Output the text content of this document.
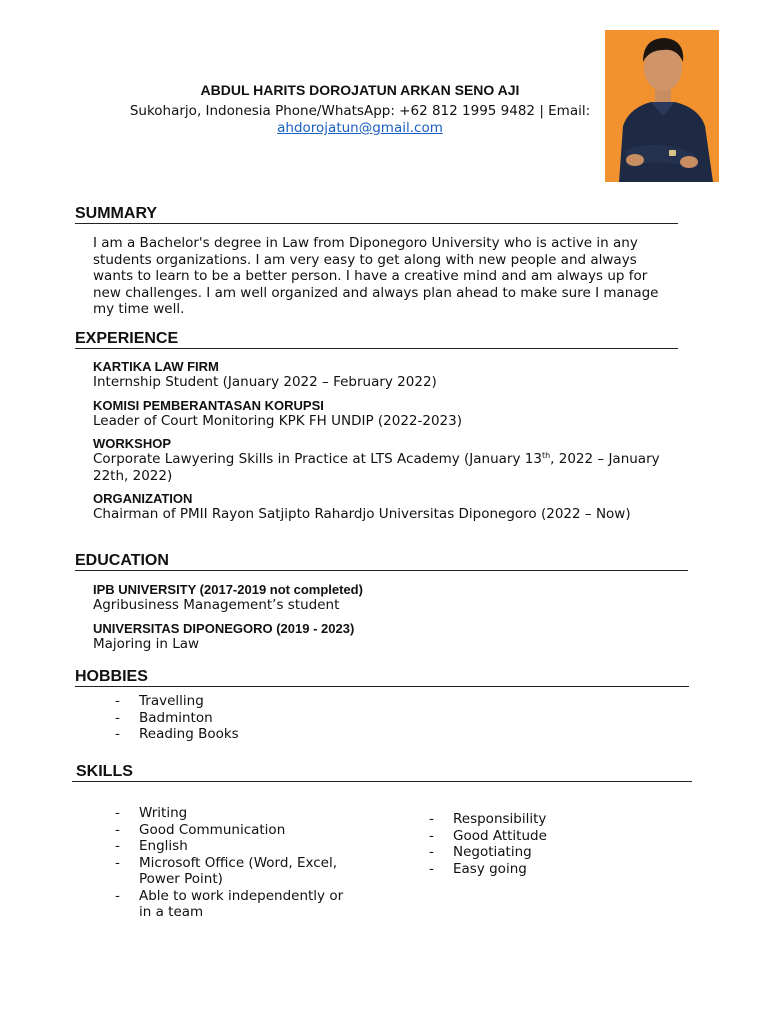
ABDUL HARITS DOROJATUN ARKAN SENO AJI
Sukoharjo, Indonesia Phone/WhatsApp: +62 812 1995 9482 | Email:
ahdorojatun@gmail.com
SUMMARY
I am a Bachelor's degree in Law from Diponegoro University who is active in any students organizations. I am very easy to get along with new people and always wants to learn to be a better person. I have a creative mind and am always up for new challenges. I am well organized and always plan ahead to make sure I manage my time well.
EXPERIENCE
KARTIKA LAW FIRM
Internship Student (January 2022 – February 2022)
KOMISI PEMBERANTASAN KORUPSI
Leader of Court Monitoring KPK FH UNDIP (2022-2023)
WORKSHOP
Corporate Lawyering Skills in Practice at LTS Academy (January 13th, 2022 – January 22th, 2022)
ORGANIZATION
Chairman of PMII Rayon Satjipto Rahardjo Universitas Diponegoro (2022 – Now)
EDUCATION
IPB UNIVERSITY (2017-2019 not completed)
Agribusiness Management’s student
UNIVERSITAS DIPONEGORO (2019 - 2023)
Majoring in Law
HOBBIES
- Travelling
- Badminton
- Reading Books
SKILLS
- Writing
- Good Communication
- English
- Microsoft Office (Word, Excel, Power Point)
- Able to work independently or in a team
- Responsibility
- Good Attitude
- Negotiating
- Easy going
